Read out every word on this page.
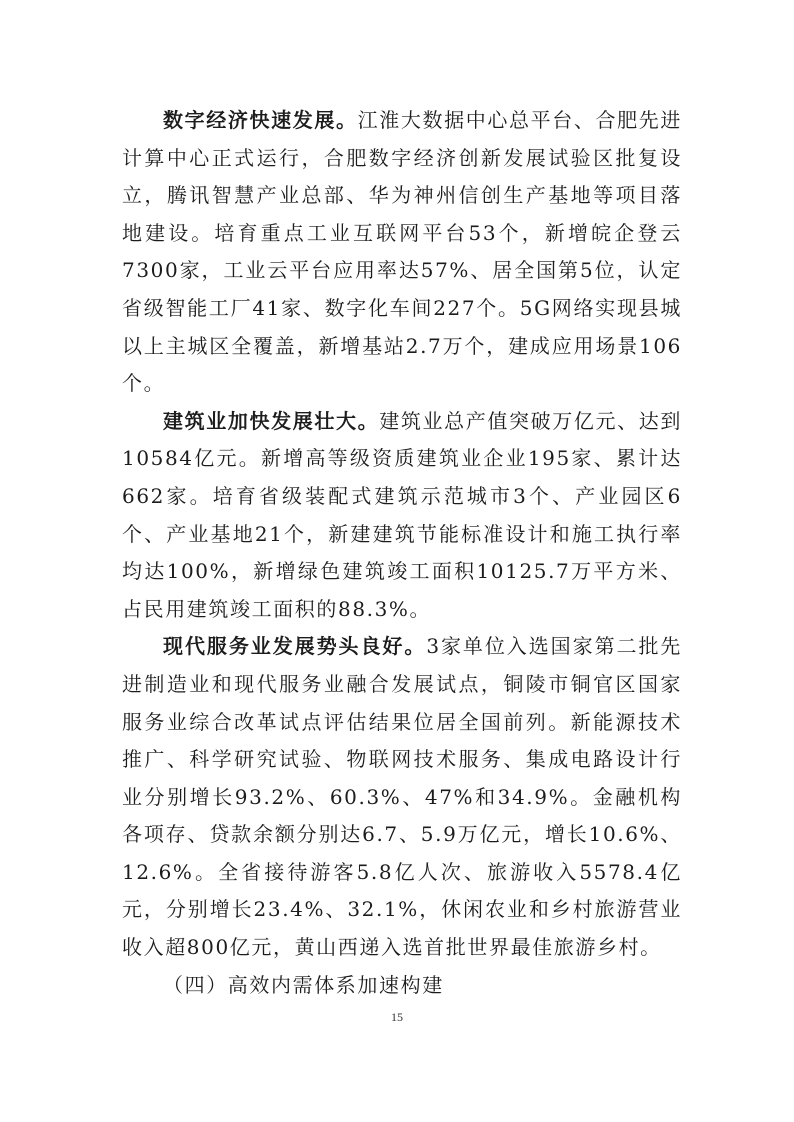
数字经济快速发展。江淮大数据中心总平台、合肥先进计算中心正式运行，合肥数字经济创新发展试验区批复设立，腾讯智慧产业总部、华为神州信创生产基地等项目落地建设。培育重点工业互联网平台53个，新增皖企登云7300家，工业云平台应用率达57%、居全国第5位，认定省级智能工厂41家、数字化车间227个。5G网络实现县城以上主城区全覆盖，新增基站2.7万个，建成应用场景106个。

建筑业加快发展壮大。建筑业总产值突破万亿元、达到10584亿元。新增高等级资质建筑业企业195家、累计达662家。培育省级装配式建筑示范城市3个、产业园区6个、产业基地21个，新建建筑节能标准设计和施工执行率均达100%，新增绿色建筑竣工面积10125.7万平方米、占民用建筑竣工面积的88.3%。

现代服务业发展势头良好。3家单位入选国家第二批先进制造业和现代服务业融合发展试点，铜陵市铜官区国家服务业综合改革试点评估结果位居全国前列。新能源技术推广、科学研究试验、物联网技术服务、集成电路设计行业分别增长93.2%、60.3%、47%和34.9%。金融机构各项存、贷款余额分别达6.7、5.9万亿元，增长10.6%、12.6%。全省接待游客5.8亿人次、旅游收入5578.4亿元，分别增长23.4%、32.1%，休闲农业和乡村旅游营业收入超800亿元，黄山西递入选首批世界最佳旅游乡村。

（四）高效内需体系加速构建

15
